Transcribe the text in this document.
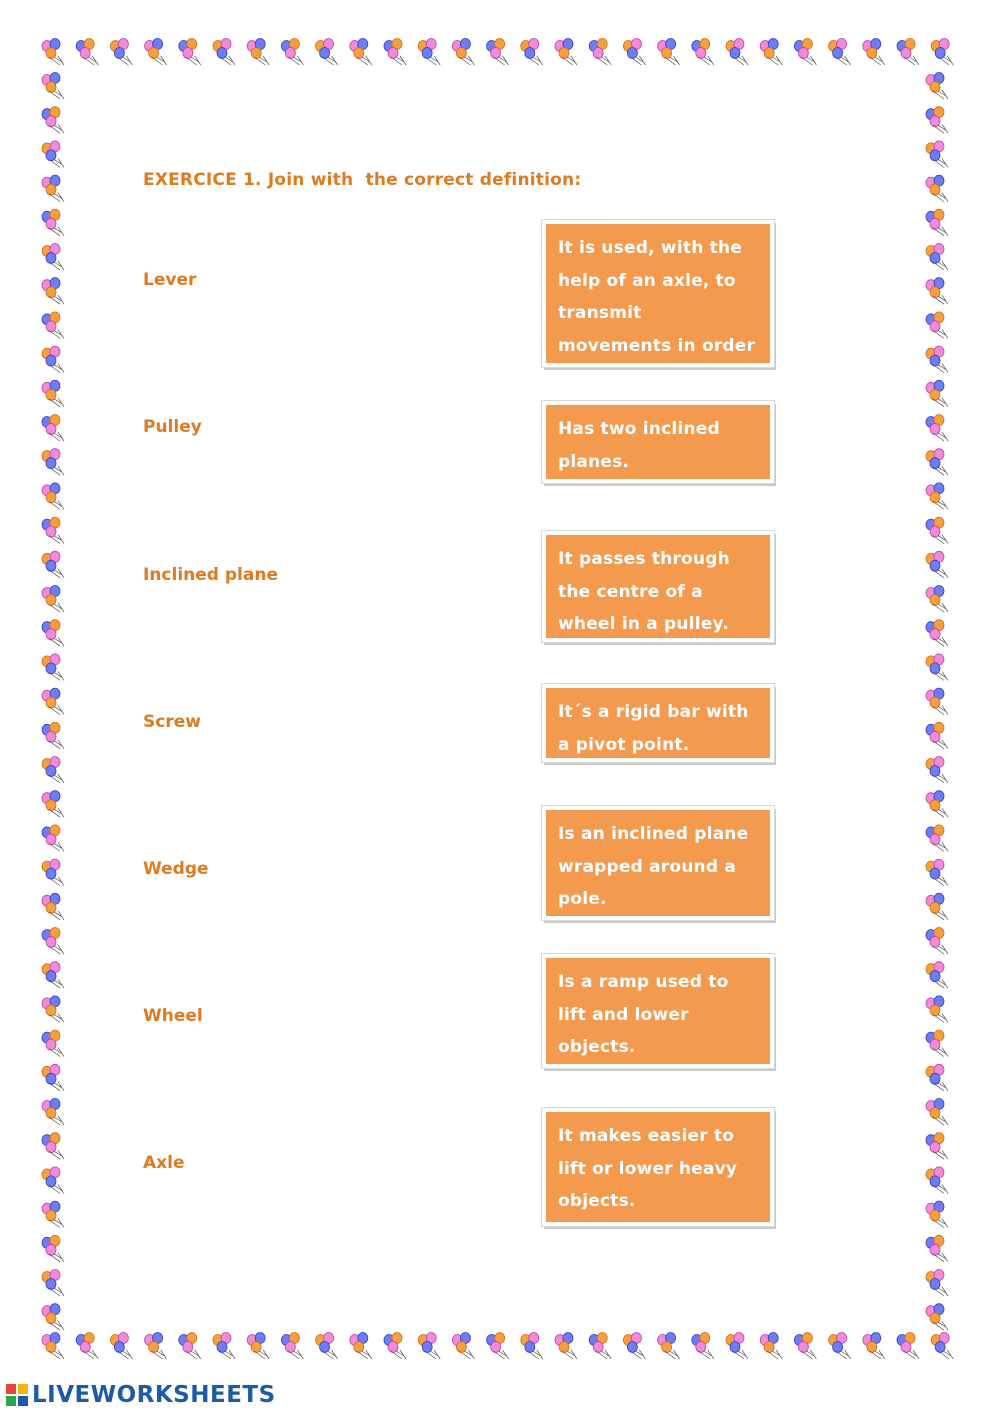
EXERCICE 1. Join with  the correct definition:
Lever
Pulley
Inclined plane
Screw
Wedge
Wheel
Axle
It is used, with the help of an axle, to transmit movements in order to lift
Has two inclined planes.
It passes through the centre of a wheel in a pulley.
It´s a rigid bar with a pivot point.
Is an inclined plane wrapped around a pole.
Is a ramp used to lift and lower objects.
It makes easier to lift or lower heavy objects.
LIVEWORKSHEETS
